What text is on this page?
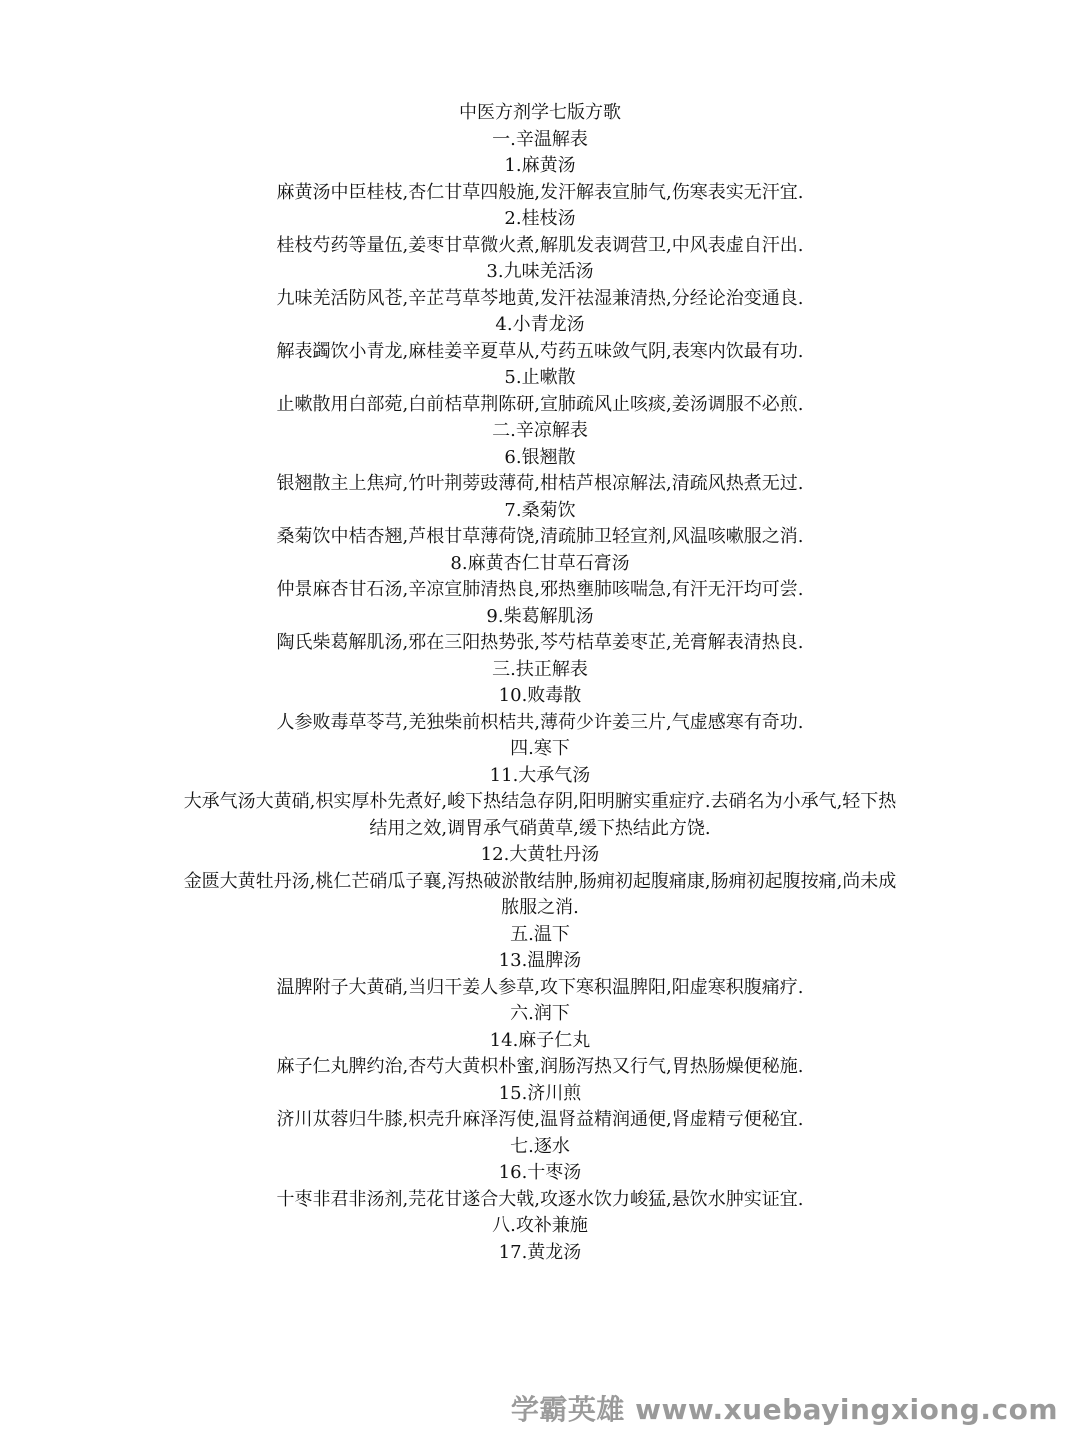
中医方剂学七版方歌
一.辛温解表
1.麻黄汤
麻黄汤中臣桂枝,杏仁甘草四般施,发汗解表宣肺气,伤寒表实无汗宜.
2.桂枝汤
桂枝芍药等量伍,姜枣甘草微火煮,解肌发表调营卫,中风表虚自汗出.
3.九味羌活汤
九味羌活防风苍,辛芷芎草芩地黄,发汗祛湿兼清热,分经论治变通良.
4.小青龙汤
解表蠲饮小青龙,麻桂姜辛夏草从,芍药五味敛气阴,表寒内饮最有功.
5.止嗽散
止嗽散用白部菀,白前桔草荆陈研,宣肺疏风止咳痰,姜汤调服不必煎.
二.辛凉解表
6.银翘散
银翘散主上焦疴,竹叶荆蒡豉薄荷,柑桔芦根凉解法,清疏风热煮无过.
7.桑菊饮
桑菊饮中桔杏翘,芦根甘草薄荷饶,清疏肺卫轻宣剂,风温咳嗽服之消.
8.麻黄杏仁甘草石膏汤
仲景麻杏甘石汤,辛凉宣肺清热良,邪热壅肺咳喘急,有汗无汗均可尝.
9.柴葛解肌汤
陶氏柴葛解肌汤,邪在三阳热势张,芩芍桔草姜枣芷,羌膏解表清热良.
三.扶正解表
10.败毒散
人参败毒草苓芎,羌独柴前枳桔共,薄荷少许姜三片,气虚感寒有奇功.
四.寒下
11.大承气汤
大承气汤大黄硝,枳实厚朴先煮好,峻下热结急存阴,阳明腑实重症疗.去硝名为小承气,轻下热结用之效,调胃承气硝黄草,缓下热结此方饶.
12.大黄牡丹汤
金匮大黄牡丹汤,桃仁芒硝瓜子襄,泻热破淤散结肿,肠痈初起腹痛康,肠痈初起腹按痛,尚未成脓服之消.
五.温下
13.温脾汤
温脾附子大黄硝,当归干姜人参草,攻下寒积温脾阳,阳虚寒积腹痛疗.
六.润下
14.麻子仁丸
麻子仁丸脾约治,杏芍大黄枳朴蜜,润肠泻热又行气,胃热肠燥便秘施.
15.济川煎
济川苁蓉归牛膝,枳壳升麻泽泻使,温肾益精润通便,肾虚精亏便秘宜.
七.逐水
16.十枣汤
十枣非君非汤剂,芫花甘遂合大戟,攻逐水饮力峻猛,悬饮水肿实证宜.
八.攻补兼施
17.黄龙汤
学霸英雄 www.xuebayingxiong.com
